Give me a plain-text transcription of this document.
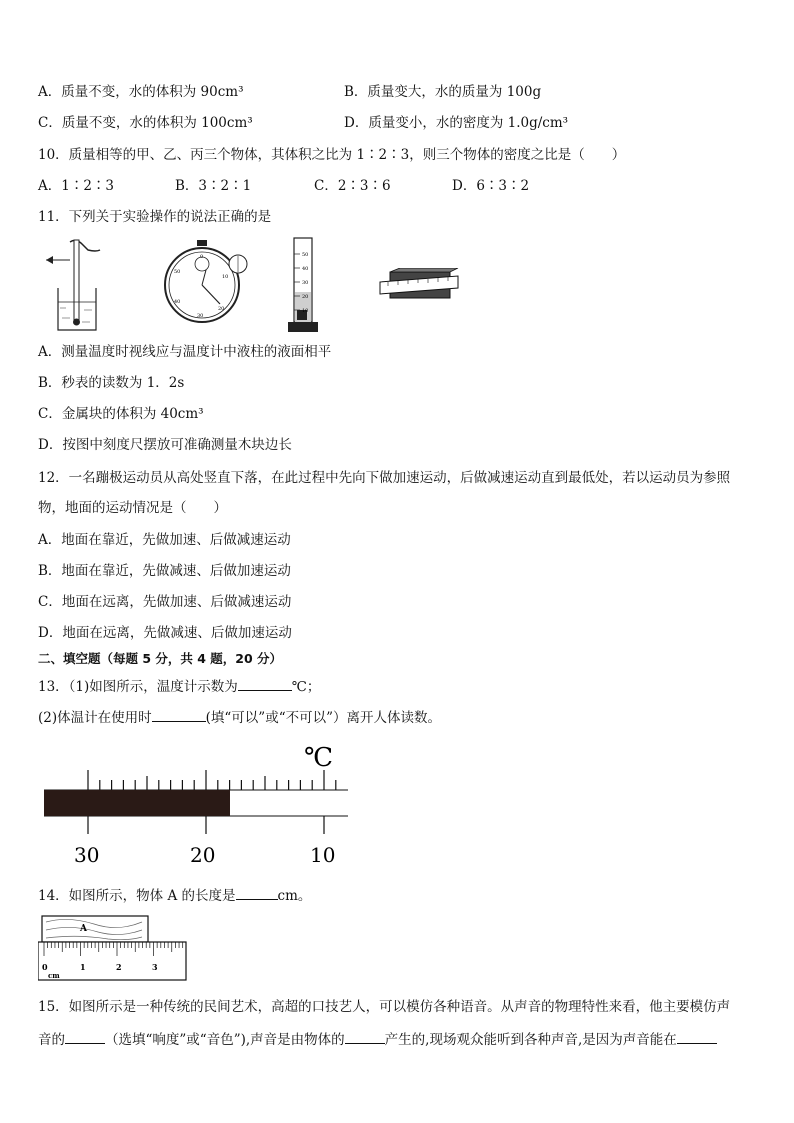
A．质量不变，水的体积为 90cm³	B．质量变大，水的质量为 100g
C．质量不变，水的体积为 100cm³	D．质量变小，水的密度为 1.0g/cm³
10．质量相等的甲、乙、丙三个物体，其体积之比为 1∶2∶3，则三个物体的密度之比是（　　）
A．1∶2∶3	B．3∶2∶1	C．2∶3∶6	D．6∶3∶2
11．下列关于实验操作的说法正确的是
0
10
20
30
40
50
50
40
30
20
10
A．测量温度时视线应与温度计中液柱的液面相平
B．秒表的读数为 1．2s
C．金属块的体积为 40cm³
D．按图中刻度尺摆放可准确测量木块边长
12．一名蹦极运动员从高处竖直下落，在此过程中先向下做加速运动，后做减速运动直到最低处，若以运动员为参照
物，地面的运动情况是（　　）
A．地面在靠近，先做加速、后做减速运动
B．地面在靠近，先做减速、后做加速运动
C．地面在远离，先做加速、后做减速运动
D．地面在远离，先做减速、后做加速运动
二、填空题（每题 5 分，共 4 题，20 分）
13．（1)如图所示，温度计示数为	℃；
(2)体温计在使用时	(填“可以”或“不可以”）离开人体读数。
℃
30	20	10
14．如图所示，物体 A 的长度是	cm。
A
0	1	2	3
cm
15．如图所示是一种传统的民间艺术，高超的口技艺人，可以模仿各种语音。从声音的物理特性来看，他主要模仿声
音的	（选填“响度”或“音色”),声音是由物体的	产生的,现场观众能听到各种声音,是因为声音能在
